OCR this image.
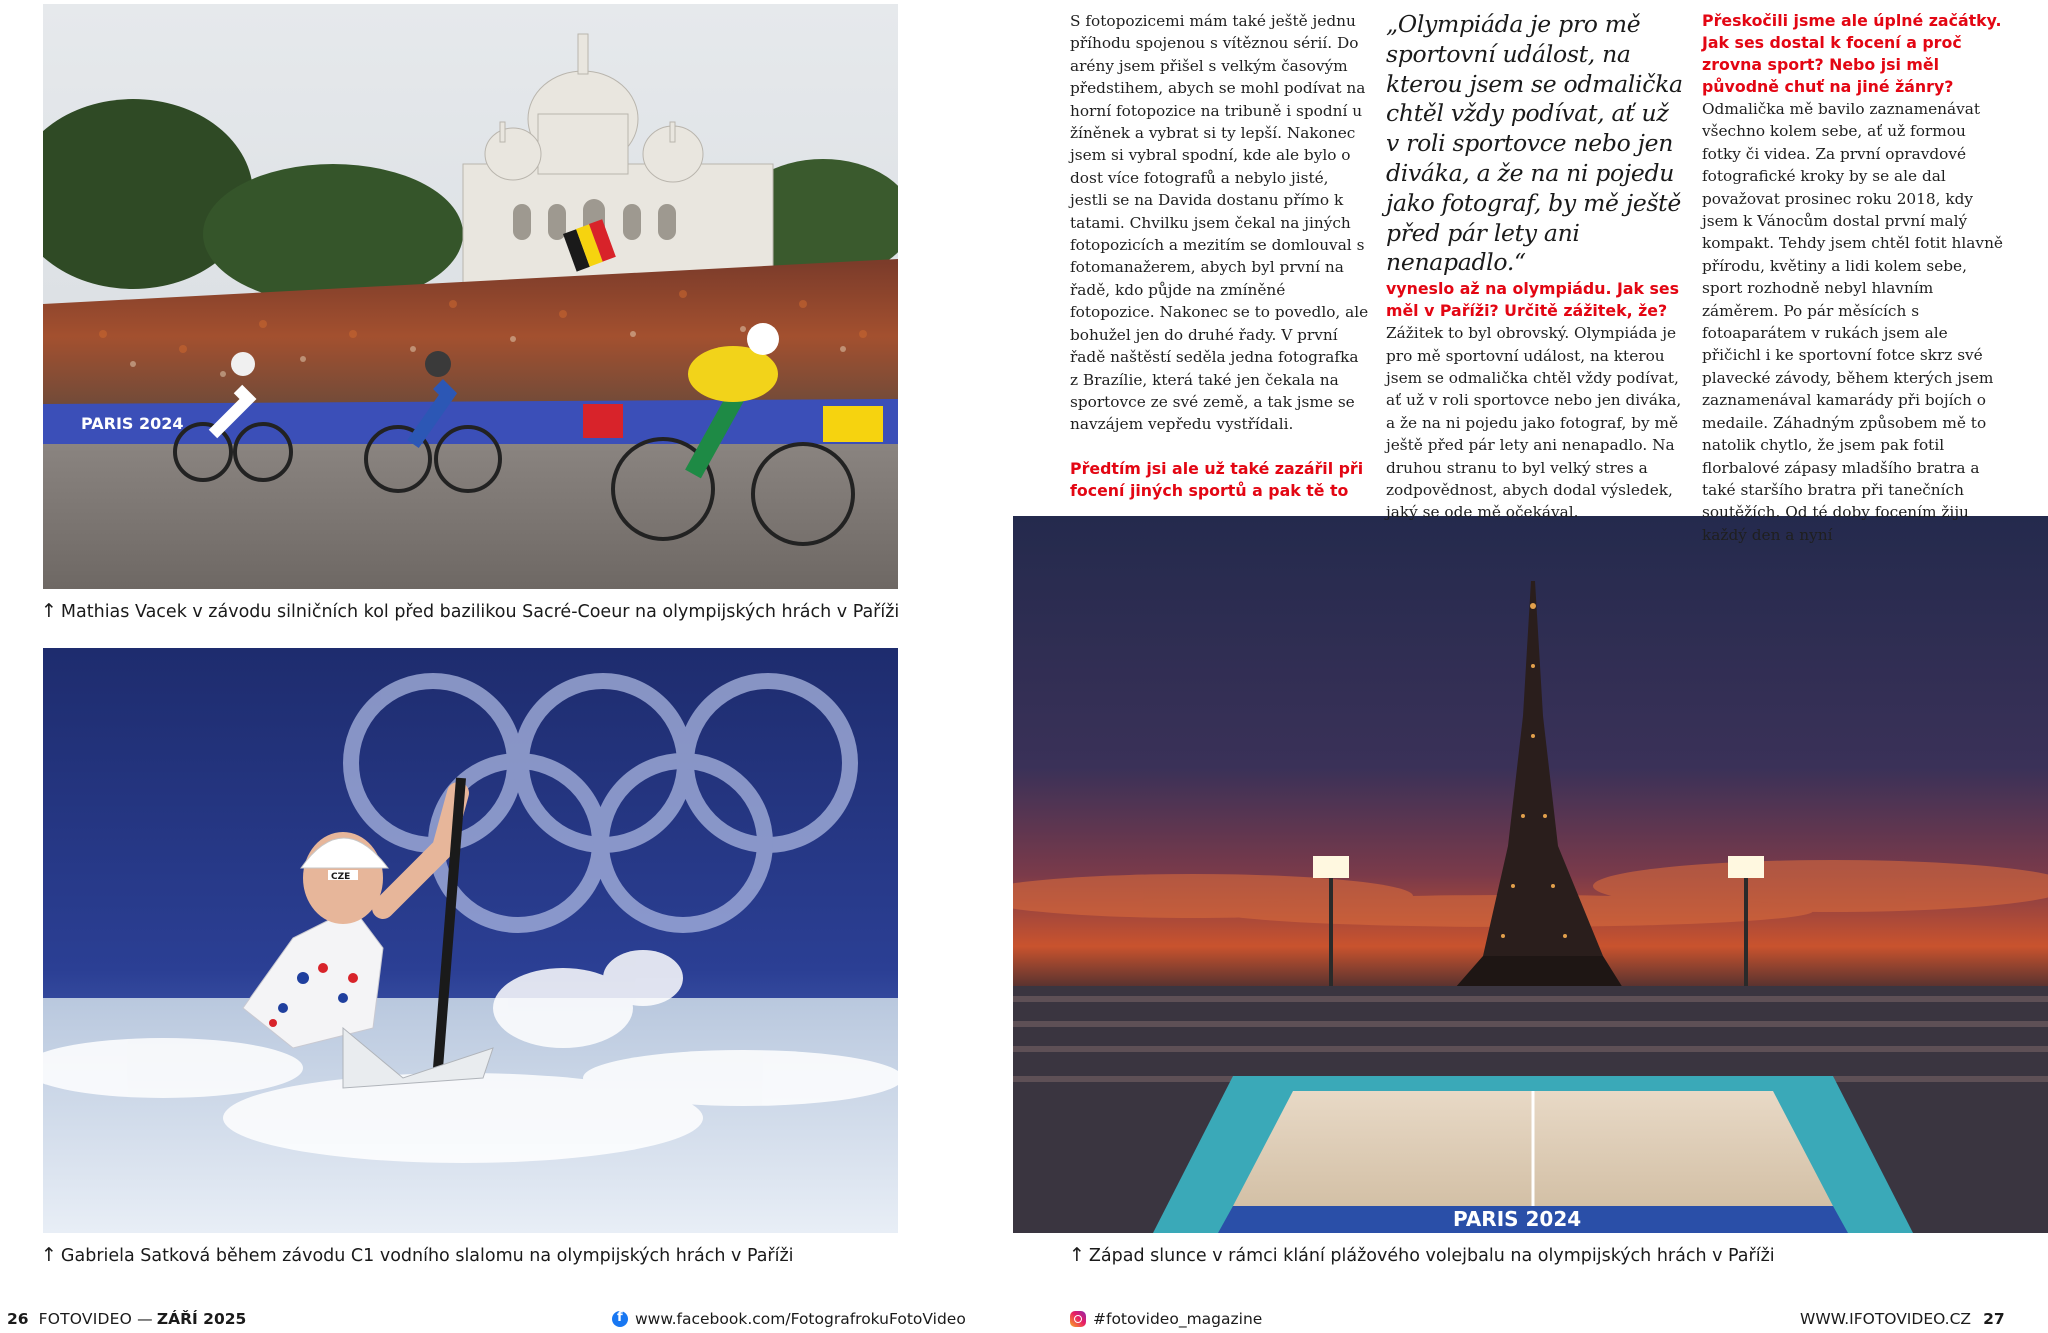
PARIS 2024
↑ Mathias Vacek v závodu silničních kol před bazilikou Sacré-Coeur na olympijských hrách v Paříži
CZE
↑ Gabriela Satková během závodu C1 vodního slalomu na olympijských hrách v Paříži
PARIS 2024
↑ Západ slunce v rámci klání plážového volejbalu na olympijských hrách v Paříži

S fotopozicemi mám také ještě jednu příhodu spojenou s vítěznou sérií. Do arény jsem přišel s velkým časovým předstihem, abych se mohl podívat na horní fotopozice na tribuně i spodní u žíněnek a vybrat si ty lepší. Nakonec jsem si vybral spodní, kde ale bylo o dost více fotografů a nebylo jisté, jestli se na Davida dostanu přímo k tatami. Chvilku jsem čekal na jiných fotopozicích a mezitím se domlouval s fotomanažerem, abych byl první na řadě, kdo půjde na zmíněné fotopozice. Nakonec se to povedlo, ale bohužel jen do druhé řady. V první řadě naštěstí seděla jedna fotografka z Brazílie, která také jen čekala na sportovce ze své země, a tak jsme se navzájem vepředu vystřídali.

Předtím jsi ale už také zazářil při focení jiných sportů a pak tě to

„Olympiáda je pro mě sportovní událost, na kterou jsem se odmalička chtěl vždy podívat, ať už v roli sportovce nebo jen diváka, a že na ni pojedu jako fotograf, by mě ještě před pár lety ani nenapadlo.“

vyneslo až na olympiádu. Jak ses měl v Paříži? Určitě zážitek, že?

Zážitek to byl obrovský. Olympiáda je pro mě sportovní událost, na kterou jsem se odmalička chtěl vždy podívat, ať už v roli sportovce nebo jen diváka, a že na ni pojedu jako fotograf, by mě ještě před pár lety ani nenapadlo. Na druhou stranu to byl velký stres a zodpovědnost, abych dodal výsledek, jaký se ode mě očekával.

Přeskočili jsme ale úplné začátky. Jak ses dostal k focení a proč zrovna sport? Nebo jsi měl původně chuť na jiné žánry?

Odmalička mě bavilo zaznamenávat všechno kolem sebe, ať už formou fotky či videa. Za první opravdové fotografické kroky by se ale dal považovat prosinec roku 2018, kdy jsem k Vánocům dostal první malý kompakt. Tehdy jsem chtěl fotit hlavně přírodu, květiny a lidi kolem sebe, sport rozhodně nebyl hlavním záměrem. Po pár měsících s fotoaparátem v rukách jsem ale přičichl i ke sportovní fotce skrz své plavecké závody, během kterých jsem zaznamenával kamarády při bojích o medaile. Záhadným způsobem mě to natolik chytlo, že jsem pak fotil florbalové zápasy mladšího bratra a také staršího bratra při tanečních soutěžích. Od té doby focením žiju každý den a nyní

26 FOTOVIDEO — ZÁŘÍ 2025
f	www.facebook.com/FotografrokuFotoVideo	#fotovideo_magazine	WWW.IFOTOVIDEO.CZ 27
